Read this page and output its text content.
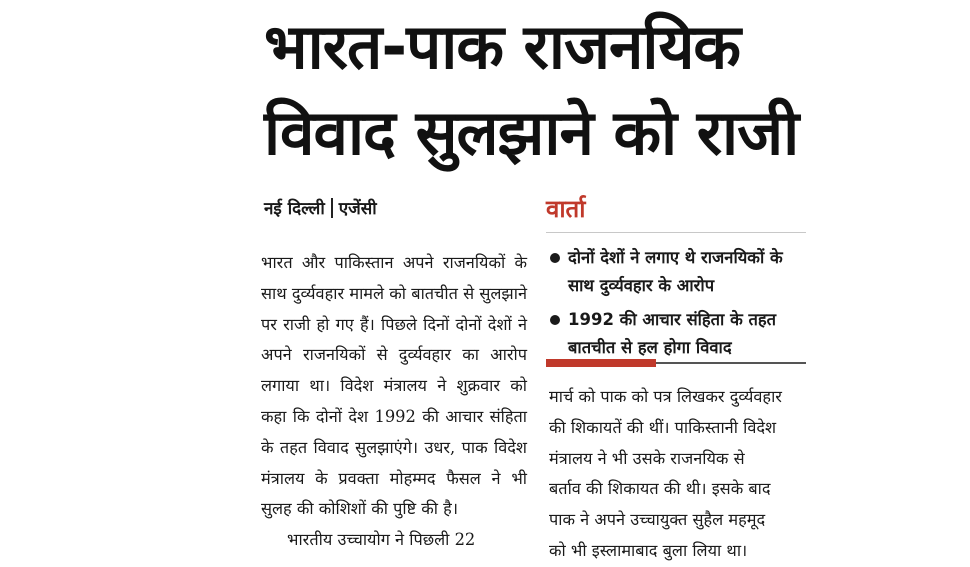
भारत-पाक राजनयिक
विवाद सुलझाने को राजी
नई दिल्ली एजेंसी

भारत और पाकिस्तान अपने राजनयिकों के साथ दुर्व्यवहार मामले को बातचीत से सुलझाने पर राजी हो गए हैं। पिछले दिनों दोनों देशों ने अपने राजनयिकों से दुर्व्यवहार का आरोप लगाया था। विदेश मंत्रालय ने शुक्रवार को कहा कि दोनों देश 1992 की आचार संहिता के तहत विवाद सुलझाएंगे। उधर, पाक विदेश मंत्रालय के प्रवक्ता मोहम्मद फैसल ने भी सुलह की कोशिशों की पुष्टि की है।

भारतीय उच्चायोग ने पिछली 22

वार्ता
दोनों देशों ने लगाए थे राजनयिकों के साथ दुर्व्यवहार के आरोप
1992 की आचार संहिता के तहत बातचीत से हल होगा विवाद
मार्च को पाक को पत्र लिखकर दुर्व्यवहार
की शिकायतें की थीं। पाकिस्तानी विदेश
मंत्रालय ने भी उसके राजनयिक से
बर्ताव की शिकायत की थी। इसके बाद
पाक ने अपने उच्चायुक्त सुहैल महमूद
को भी इस्लामाबाद बुला लिया था।
